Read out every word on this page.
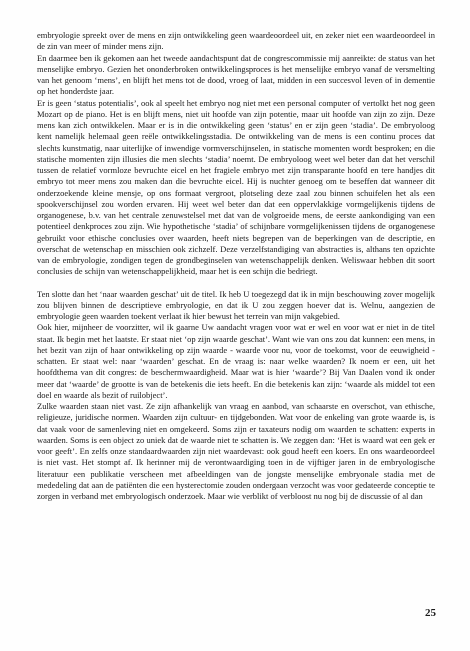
embryologie spreekt over de mens en zijn ontwikkeling geen waardeoordeel uit, en zeker niet een waardeoordeel in de zin van meer of minder mens zijn.

En daarmee ben ik gekomen aan het tweede aandachtspunt dat de congrescommissie mij aanreikte: de status van het menselijke embryo. Gezien het ononderbroken ontwikkelingsproces is het menselijke embryo vanaf de versmelting van het genoom ‘mens’, en blijft het mens tot de dood, vroeg of laat, midden in een succesvol leven of in dementie op het honderdste jaar.

Er is geen ‘status potentialis’, ook al speelt het embryo nog niet met een personal computer of vertolkt het nog geen Mozart op de piano. Het is en blijft mens, niet uit hoofde van zijn potentie, maar uit hoofde van zijn zo zijn. Deze mens kan zich ontwikkelen. Maar er is in die ontwikkeling geen ‘status’ en er zijn geen ‘stadia’. De embryoloog kent namelijk helemaal geen reële ontwikkelingsstadia. De ontwikkeling van de mens is een continu proces dat slechts kunstmatig, naar uiterlijke of inwendige vormverschijnselen, in statische momenten wordt besproken; en die statische momenten zijn illusies die men slechts ‘stadia’ noemt. De embryoloog weet wel beter dan dat het verschil tussen de relatief vormloze bevruchte eicel en het fragiele embryo met zijn transparante hoofd en tere handjes dit embryo tot meer mens zou maken dan die bevruchte eicel. Hij is nuchter genoeg om te beseffen dat wanneer dit onderzoekende kleine mensje, op ons formaat vergroot, plotseling deze zaal zou binnen schuifelen het als een spookverschijnsel zou worden ervaren. Hij weet wel beter dan dat een oppervlakkige vormgelijkenis tijdens de organogenese, b.v. van het centrale zenuwstelsel met dat van de volgroeide mens, de eerste aankondiging van een potentieel denkproces zou zijn. Wie hypothetische ‘stadia’ of schijnbare vormgelijkenissen tijdens de organogenese gebruikt voor ethische conclusies over waarden, heeft niets begrepen van de beperkingen van de descriptie, en overschat de wetenschap en misschien ook zichzelf. Deze verzelfstandiging van abstracties is, althans ten opzichte van de embryologie, zondigen tegen de grondbeginselen van wetenschappelijk denken. Weliswaar hebben dit soort conclusies de schijn van wetenschappelijkheid, maar het is een schijn die bedriegt.

Ten slotte dan het ‘naar waarden geschat’ uit de titel. Ik heb U toegezegd dat ik in mijn beschouwing zover mogelijk zou blijven binnen de descriptieve embryologie, en dat ik U zou zeggen hoever dat is. Welnu, aangezien de embryologie geen waarden toekent verlaat ik hier bewust het terrein van mijn vakgebied.

Ook hier, mijnheer de voorzitter, wil ik gaarne Uw aandacht vragen voor wat er wel en voor wat er niet in de titel staat. Ik begin met het laatste. Er staat niet ‘op zijn waarde geschat’. Want wie van ons zou dat kunnen: een mens, in het bezit van zijn of haar ontwikkeling op zijn waarde - waarde voor nu, voor de toekomst, voor de eeuwigheid - schatten. Er staat wel: naar ‘waarden’ geschat. En de vraag is: naar welke waarden? Ik noem er een, uit het hoofdthema van dit congres: de beschermwaardigheid. Maar wat is hier ‘waarde’? Bij Van Daalen vond ik onder meer dat ‘waarde’ de grootte is van de betekenis die iets heeft. En die betekenis kan zijn: ‘waarde als middel tot een doel en waarde als bezit of ruilobject’.

Zulke waarden staan niet vast. Ze zijn afhankelijk van vraag en aanbod, van schaarste en overschot, van ethische, religieuze, juridische normen. Waarden zijn cultuur- en tijdgebonden. Wat voor de enkeling van grote waarde is, is dat vaak voor de samenleving niet en omgekeerd. Soms zijn er taxateurs nodig om waarden te schatten: experts in waarden. Soms is een object zo uniek dat de waarde niet te schatten is. We zeggen dan: ‘Het is waard wat een gek er voor geeft’. En zelfs onze standaardwaarden zijn niet waardevast: ook goud heeft een koers. En ons waardeoordeel is niet vast. Het stompt af. Ik herinner mij de verontwaardiging toen in de vijftiger jaren in de embryologische literatuur een publikatie verscheen met afbeeldingen van de jongste menselijke embryonale stadia met de mededeling dat aan de patiënten die een hysterectomie zouden ondergaan verzocht was voor gedateerde conceptie te zorgen in verband met embryologisch onderzoek. Maar wie verblikt of verbloost nu nog bij de discussie of al dan

25
